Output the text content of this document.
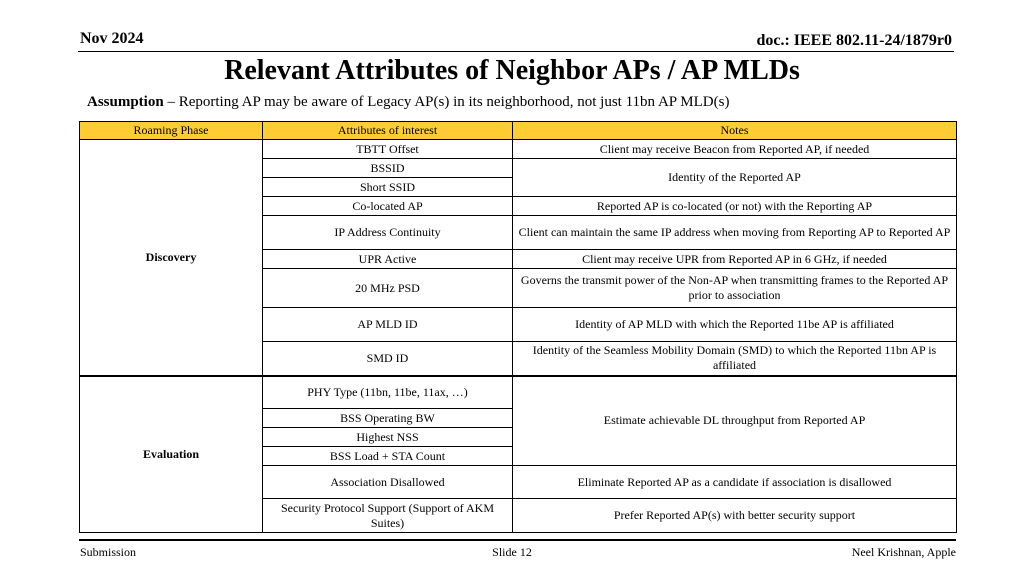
Nov 2024	doc.: IEEE 802.11-24/1879r0
Relevant Attributes of Neighbor APs / AP MLDs
Assumption – Reporting AP may be aware of Legacy AP(s) in its neighborhood, not just 11bn AP MLD(s)
Roaming Phase	Attributes of interest	Notes
Discovery	TBTT Offset	Client may receive Beacon from Reported AP, if needed
	BSSID	Identity of the Reported AP
	Short SSID	
	Co-located AP	Reported AP is co-located (or not) with the Reporting AP
	IP Address Continuity	Client can maintain the same IP address when moving from Reporting AP to Reported AP
	UPR Active	Client may receive UPR from Reported AP in 6 GHz, if needed
	20 MHz PSD	Governs the transmit power of the Non-AP when transmitting frames to the Reported AP prior to association
	AP MLD ID	Identity of AP MLD with which the Reported 11be AP is affiliated
	SMD ID	Identity of the Seamless Mobility Domain (SMD) to which the Reported 11bn AP is affiliated
Evaluation	PHY Type (11bn, 11be, 11ax, …)	Estimate achievable DL throughput from Reported AP
	BSS Operating BW	
	Highest NSS	
	BSS Load + STA Count	
	Association Disallowed	Eliminate Reported AP as a candidate if association is disallowed
	Security Protocol Support (Support of AKM Suites)	Prefer Reported AP(s) with better security support
Submission	Slide 12	Neel Krishnan, Apple
